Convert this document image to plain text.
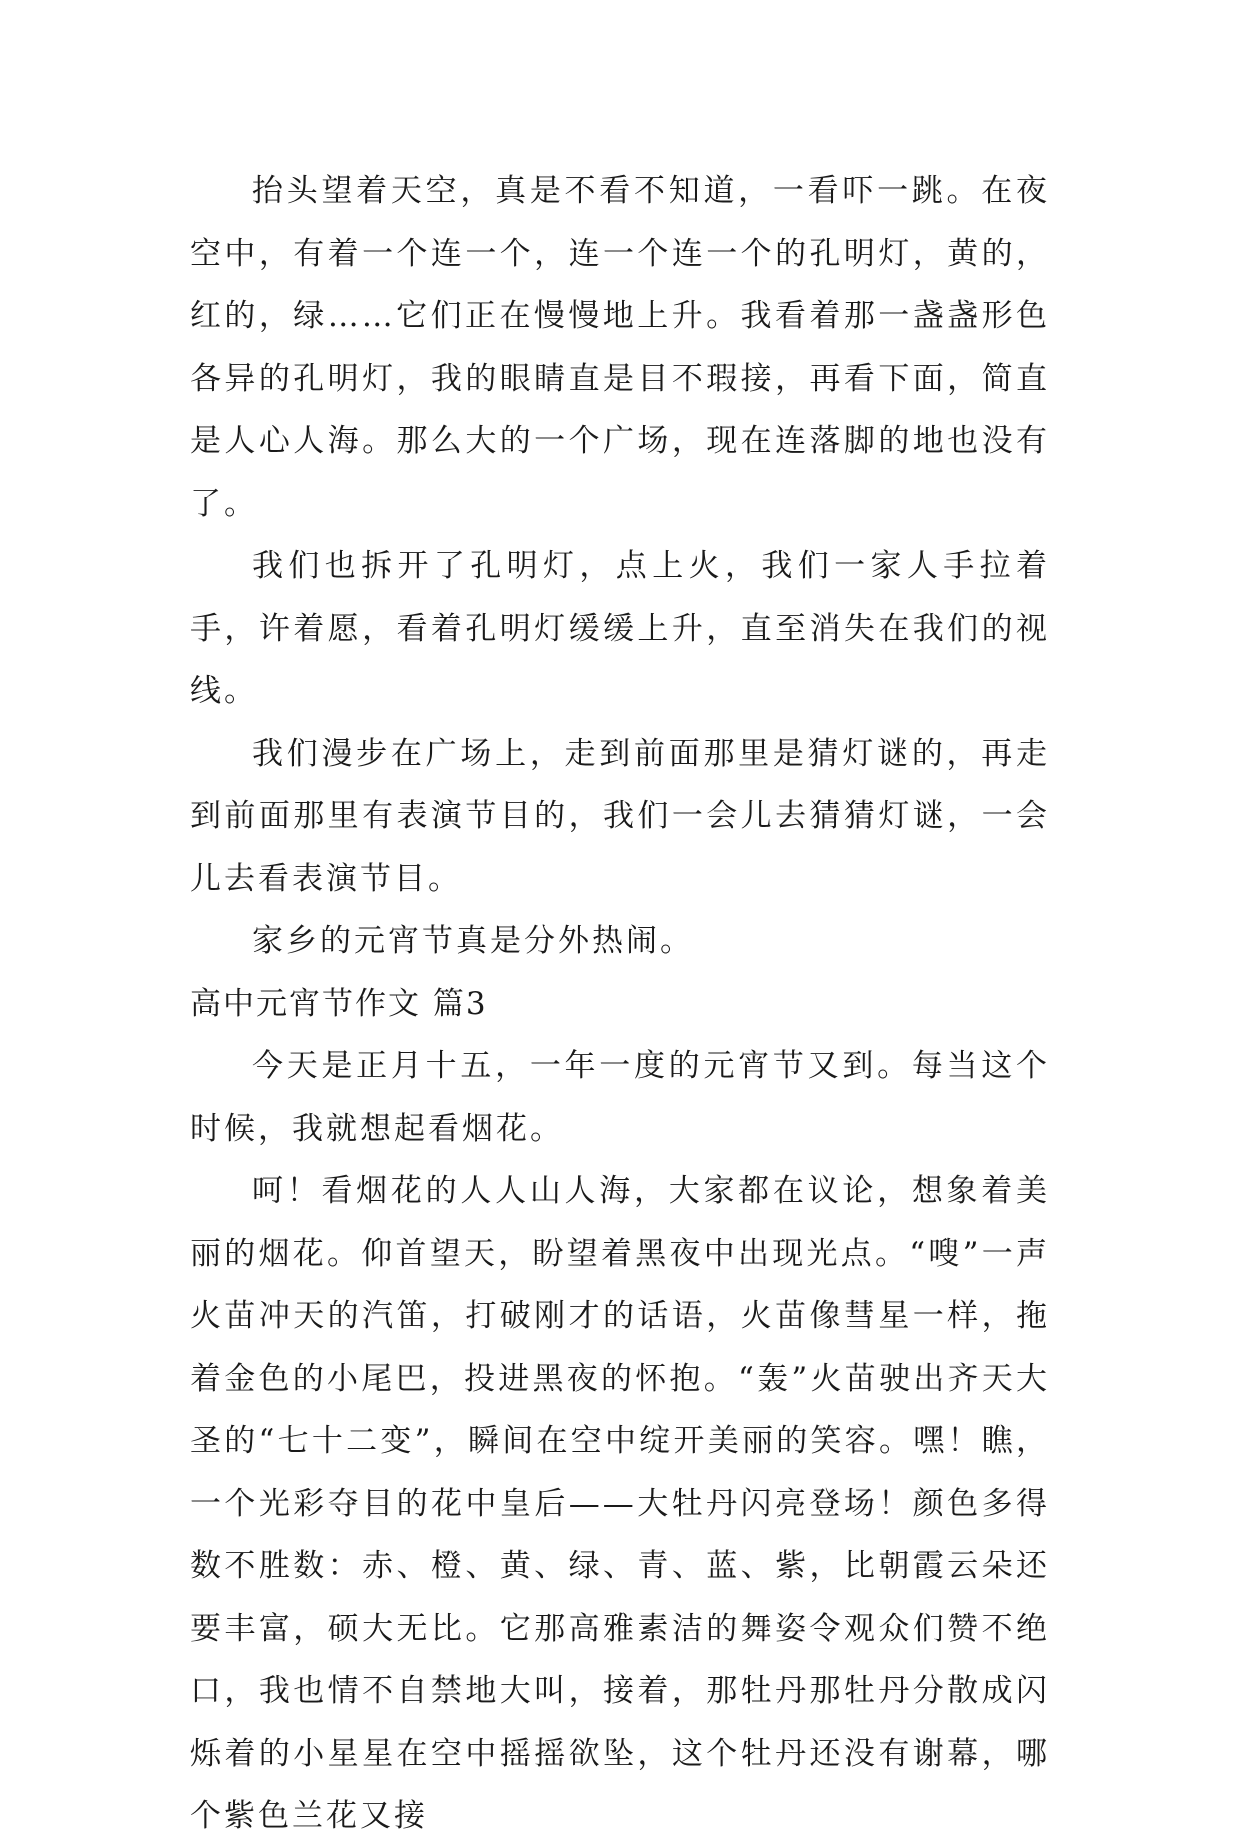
抬头望着天空，真是不看不知道，一看吓一跳。在夜空中，有着一个连一个，连一个连一个的孔明灯，黄的，红的，绿……它们正在慢慢地上升。我看着那一盏盏形色各异的孔明灯，我的眼睛直是目不瑕接，再看下面，简直是人心人海。那么大的一个广场，现在连落脚的地也没有了。

我们也拆开了孔明灯，点上火，我们一家人手拉着手，许着愿，看着孔明灯缓缓上升，直至消失在我们的视线。

我们漫步在广场上，走到前面那里是猜灯谜的，再走到前面那里有表演节目的，我们一会儿去猜猜灯谜，一会儿去看表演节目。

家乡的元宵节真是分外热闹。

高中元宵节作文 篇3

今天是正月十五，一年一度的元宵节又到。每当这个时候，我就想起看烟花。

呵！看烟花的人人山人海，大家都在议论，想象着美丽的烟花。仰首望天，盼望着黑夜中出现光点。“嗖”一声火苗冲天的汽笛，打破刚才的话语，火苗像彗星一样，拖着金色的小尾巴，投进黑夜的怀抱。“轰”火苗驶出齐天大圣的“七十二变”，瞬间在空中绽开美丽的笑容。嘿！瞧，一个光彩夺目的花中皇后——大牡丹闪亮登场！颜色多得数不胜数：赤、橙、黄、绿、青、蓝、紫，比朝霞云朵还要丰富，硕大无比。它那高雅素洁的舞姿令观众们赞不绝口，我也情不自禁地大叫，接着，那牡丹那牡丹分散成闪烁着的小星星在空中摇摇欲坠，这个牡丹还没有谢幕，哪个紫色兰花又接
